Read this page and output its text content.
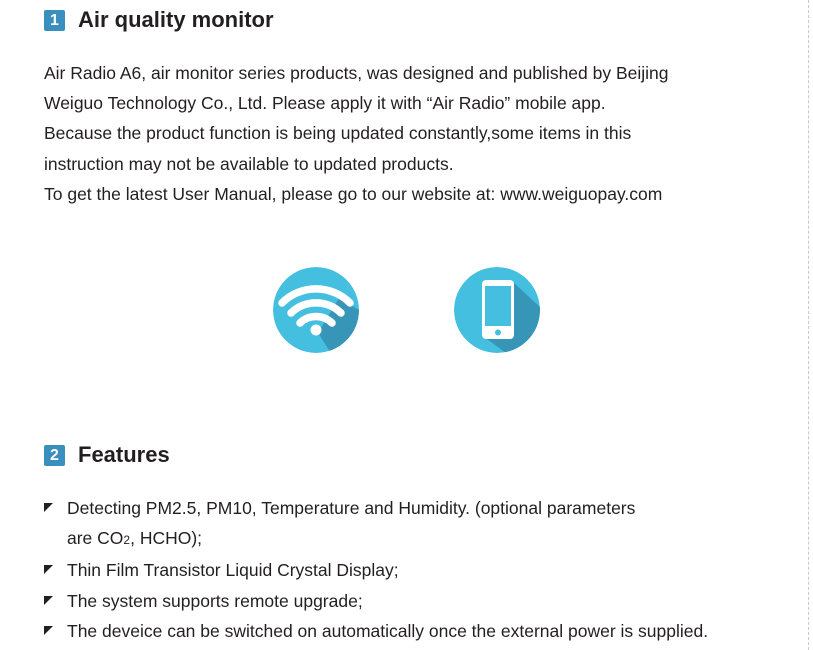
1 Air quality monitor

Air Radio A6, air monitor series products, was designed and published by Beijing

Weiguo Technology Co., Ltd. Please apply it with “Air Radio” mobile app.

Because the product function is being updated constantly,some items in this

instruction may not be available to updated products.

To get the latest User Manual, please go to our website at: www.weiguopay.com

2 Features
Detecting PM2.5, PM10, Temperature and Humidity. (optional parameters
are CO2, HCHO);
Thin Film Transistor Liquid Crystal Display;
The system supports remote upgrade;
The deveice can be switched on automatically once the external power is supplied.
